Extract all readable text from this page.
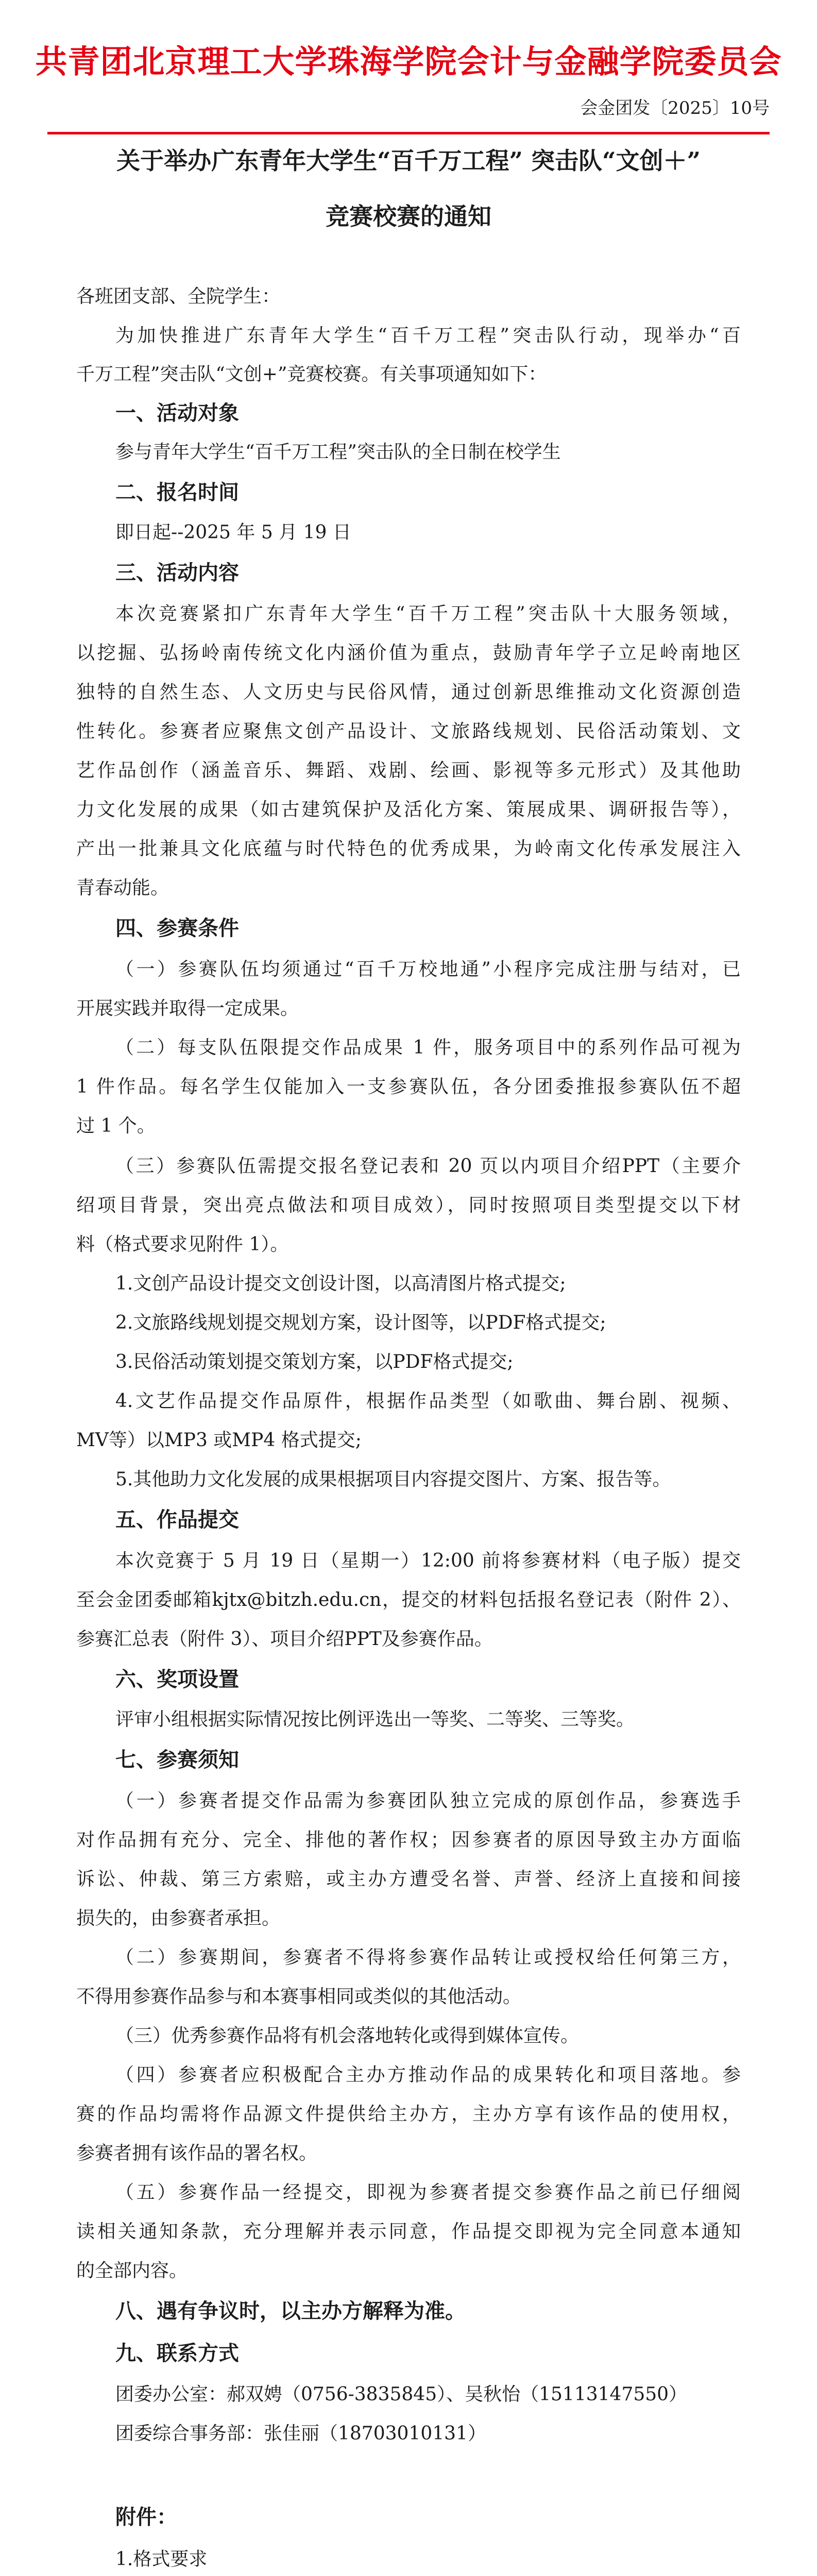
共青团北京理工大学珠海学院会计与金融学院委员会
会金团发〔2025〕10号
关于举办广东青年大学生“百千万工程” 突击队“文创＋”
竞赛校赛的通知
各班团支部、全院学生：
为加快推进广东青年大学生“百千万工程”突击队行动，现举办“百
千万工程”突击队“文创+”竞赛校赛。有关事项通知如下：
一、活动对象
参与青年大学生“百千万工程”突击队的全日制在校学生
二、报名时间
即日起--2025 年 5 月 19 日
三、活动内容
本次竞赛紧扣广东青年大学生“百千万工程”突击队十大服务领域，
以挖掘、弘扬岭南传统文化内涵价值为重点，鼓励青年学子立足岭南地区
独特的自然生态、人文历史与民俗风情，通过创新思维推动文化资源创造
性转化。参赛者应聚焦文创产品设计、文旅路线规划、民俗活动策划、文
艺作品创作（涵盖音乐、舞蹈、戏剧、绘画、影视等多元形式）及其他助
力文化发展的成果（如古建筑保护及活化方案、策展成果、调研报告等），
产出一批兼具文化底蕴与时代特色的优秀成果，为岭南文化传承发展注入
青春动能。
四、参赛条件
（一）参赛队伍均须通过“百千万校地通”小程序完成注册与结对，已
开展实践并取得一定成果。
（二）每支队伍限提交作品成果 1 件，服务项目中的系列作品可视为
1 件作品。每名学生仅能加入一支参赛队伍，各分团委推报参赛队伍不超
过 1 个。
（三）参赛队伍需提交报名登记表和 20 页以内项目介绍PPT（主要介
绍项目背景，突出亮点做法和项目成效），同时按照项目类型提交以下材
料（格式要求见附件 1）。
1.文创产品设计提交文创设计图，以高清图片格式提交;
2.文旅路线规划提交规划方案，设计图等，以PDF格式提交;
3.民俗活动策划提交策划方案，以PDF格式提交;
4.文艺作品提交作品原件，根据作品类型（如歌曲、舞台剧、视频、
MV等）以MP3 或MP4 格式提交;
5.其他助力文化发展的成果根据项目内容提交图片、方案、报告等。
五、作品提交
本次竞赛于 5 月 19 日（星期一）12:00 前将参赛材料（电子版）提交
至会金团委邮箱kjtx@bitzh.edu.cn，提交的材料包括报名登记表（附件 2）、
参赛汇总表（附件 3）、项目介绍PPT及参赛作品。
六、奖项设置
评审小组根据实际情况按比例评选出一等奖、二等奖、三等奖。
七、参赛须知
（一）参赛者提交作品需为参赛团队独立完成的原创作品，参赛选手
对作品拥有充分、完全、排他的著作权；因参赛者的原因导致主办方面临
诉讼、仲裁、第三方索赔，或主办方遭受名誉、声誉、经济上直接和间接
损失的，由参赛者承担。
（二）参赛期间，参赛者不得将参赛作品转让或授权给任何第三方，
不得用参赛作品参与和本赛事相同或类似的其他活动。
（三）优秀参赛作品将有机会落地转化或得到媒体宣传。
（四）参赛者应积极配合主办方推动作品的成果转化和项目落地。参
赛的作品均需将作品源文件提供给主办方，主办方享有该作品的使用权，
参赛者拥有该作品的署名权。
（五）参赛作品一经提交，即视为参赛者提交参赛作品之前已仔细阅
读相关通知条款，充分理解并表示同意，作品提交即视为完全同意本通知
的全部内容。
八、遇有争议时，以主办方解释为准。
九、联系方式
团委办公室：郝双娉（0756-3835845）、吴秋怡（15113147550）
团委综合事务部：张佳丽（18703010131）
附件：
1.格式要求
